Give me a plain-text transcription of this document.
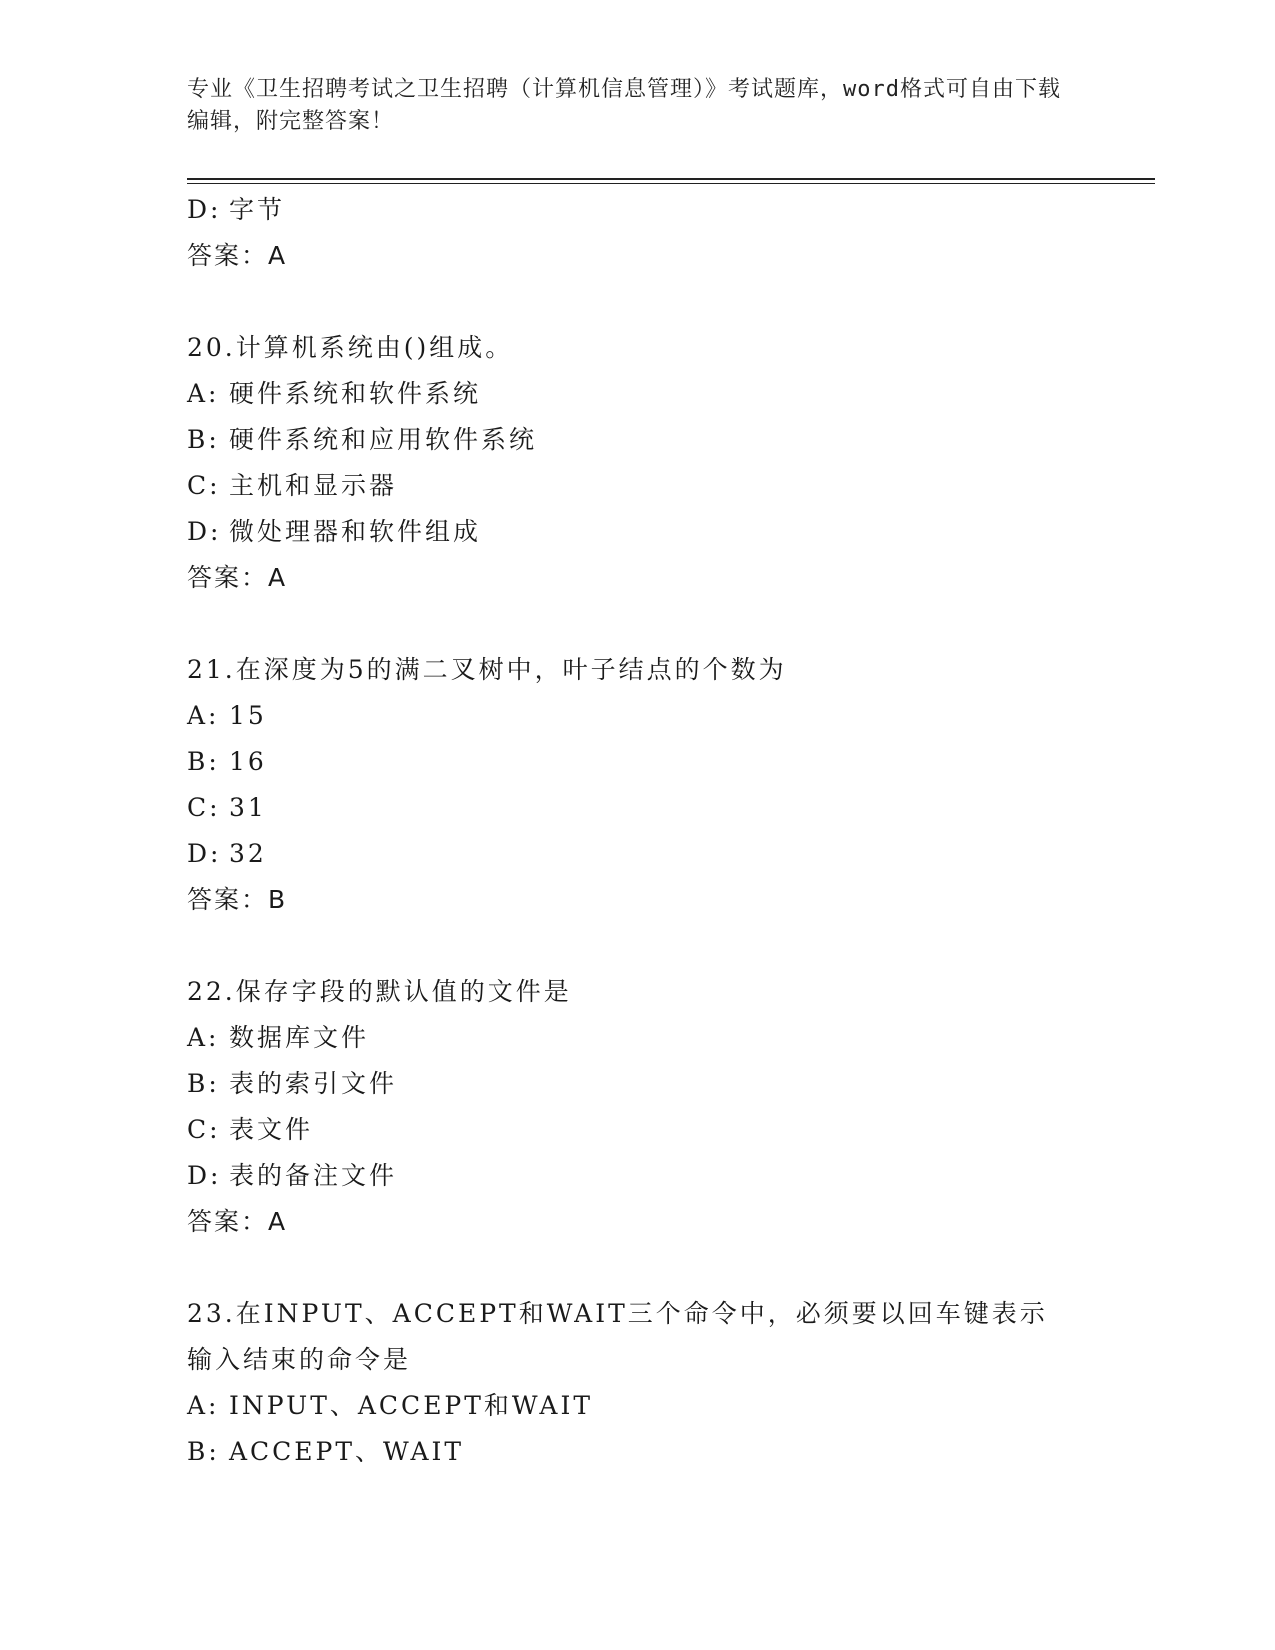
专业《卫生招聘考试之卫生招聘（计算机信息管理）》考试题库，word格式可自由下载编辑，附完整答案！
D: 字节
答案：A
20.计算机系统由()组成。
A: 硬件系统和软件系统
B: 硬件系统和应用软件系统
C: 主机和显示器
D: 微处理器和软件组成
答案：A
21.在深度为5的满二叉树中，叶子结点的个数为
A: 15
B: 16
C: 31
D: 32
答案：B
22.保存字段的默认值的文件是
A: 数据库文件
B: 表的索引文件
C: 表文件
D: 表的备注文件
答案：A
23.在INPUT、ACCEPT和WAIT三个命令中，必须要以回车键表示输入结束的命令是
A: INPUT、ACCEPT和WAIT
B: ACCEPT、WAIT
